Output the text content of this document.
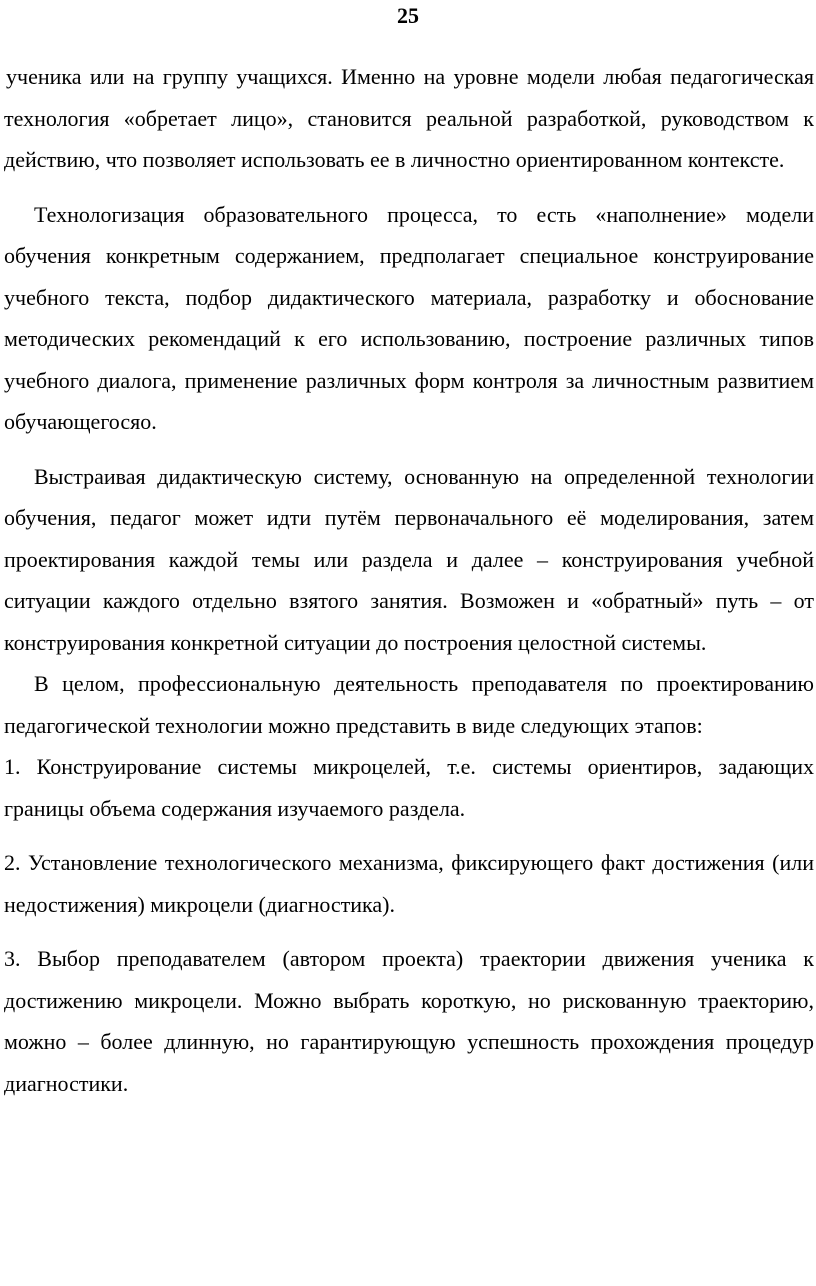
25

ученика или на группу учащихся. Именно на уровне модели любая педагогическая технология «обретает лицо», становится реальной разработкой, руководством к действию, что позволяет использовать ее в личностно ориентированном контексте.

Технологизация образовательного процесса, то есть «наполнение» модели обучения конкретным содержанием, предполагает специальное конструирование учебного текста, подбор дидактического материала, разработку и обоснование методических рекомендаций к его использованию, построение различных типов учебного диалога, применение различных форм контроля за личностным развитием обучающегосяо.

Выстраивая дидактическую систему, основанную на определенной технологии обучения, педагог может идти путём первоначального её моделирования, затем проектирования каждой темы или раздела и далее – конструирования учебной ситуации каждого отдельно взятого занятия. Возможен и «обратный» путь – от конструирования конкретной ситуации до построения целостной системы.

В целом, профессиональную деятельность преподавателя по проектированию педагогической технологии можно представить в виде следующих этапов:

1. Конструирование системы микроцелей, т.е. системы ориентиров, задающих границы объема содержания изучаемого раздела.

2. Установление технологического механизма, фиксирующего факт достижения (или недостижения) микроцели (диагностика).

3. Выбор преподавателем (автором проекта) траектории движения ученика к достижению микроцели. Можно выбрать короткую, но рискованную траекторию, можно – более длинную, но гарантирующую успешность прохождения процедур диагностики.
